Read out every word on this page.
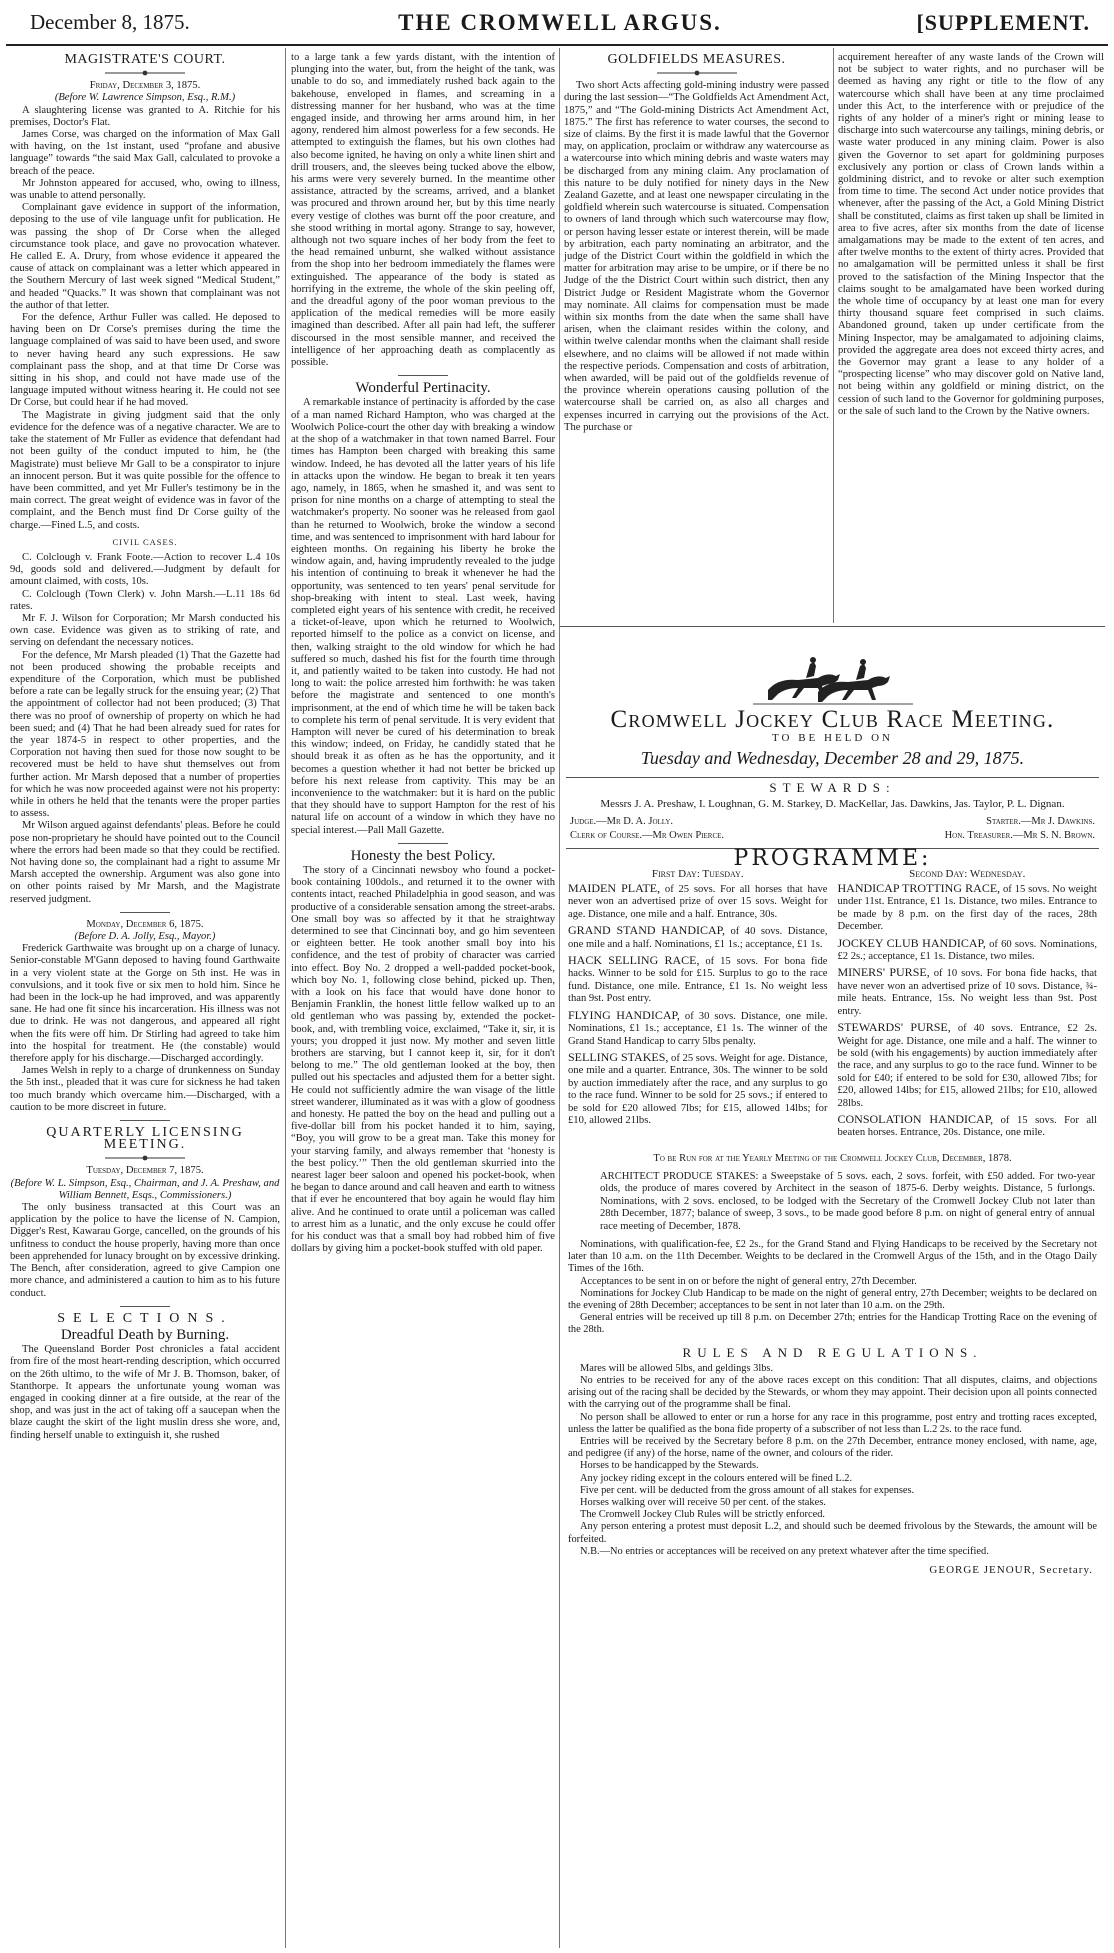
THE CROMWELL ARGUS.
December 8, 1875.	[SUPPLEMENT.
MAGISTRATE'S COURT.

Friday, December 3, 1875.

(Before W. Lawrence Simpson, Esq., R.M.)

A slaughtering license was granted to A. Ritchie for his premises, Doctor's Flat.

James Corse, was charged on the information of Max Gall with having, on the 1st instant, used “profane and abusive language” towards “the said Max Gall, calculated to provoke a breach of the peace.

Mr Johnston appeared for accused, who, owing to illness, was unable to attend personally.

Complainant gave evidence in support of the information, deposing to the use of vile language unfit for publication. He was passing the shop of Dr Corse when the alleged circumstance took place, and gave no provocation whatever. He called E. A. Drury, from whose evidence it appeared the cause of attack on complainant was a letter which appeared in the Southern Mercury of last week signed “Medical Student,” and headed “Quacks.” It was shown that complainant was not the author of that letter.

For the defence, Arthur Fuller was called. He deposed to having been on Dr Corse's premises during the time the language complained of was said to have been used, and swore to never having heard any such expressions. He saw complainant pass the shop, and at that time Dr Corse was sitting in his shop, and could not have made use of the language imputed without witness hearing it. He could not see Dr Corse, but could hear if he had moved.

The Magistrate in giving judgment said that the only evidence for the defence was of a negative character. We are to take the statement of Mr Fuller as evidence that defendant had not been guilty of the conduct imputed to him, he (the Magistrate) must believe Mr Gall to be a conspirator to injure an innocent person. But it was quite possible for the offence to have been committed, and yet Mr Fuller's testimony be in the main correct. The great weight of evidence was in favor of the complaint, and the Bench must find Dr Corse guilty of the charge.—Fined L.5, and costs.

CIVIL CASES.

C. Colclough v. Frank Foote.—Action to recover L.4 10s 9d, goods sold and delivered.—Judgment by default for amount claimed, with costs, 10s.

C. Colclough (Town Clerk) v. John Marsh.—L.11 18s 6d rates.

Mr F. J. Wilson for Corporation; Mr Marsh conducted his own case. Evidence was given as to striking of rate, and serving on defendant the necessary notices.

For the defence, Mr Marsh pleaded (1) That the Gazette had not been produced showing the probable receipts and expenditure of the Corporation, which must be published before a rate can be legally struck for the ensuing year; (2) That the appointment of collector had not been produced; (3) That there was no proof of ownership of property on which he had been sued; and (4) That he had been already sued for rates for the year 1874-5 in respect to other properties, and the Corporation not having then sued for those now sought to be recovered must be held to have shut themselves out from further action. Mr Marsh deposed that a number of properties for which he was now proceeded against were not his property: while in others he held that the tenants were the proper parties to assess.

Mr Wilson argued against defendants' pleas. Before he could pose non-proprietary he should have pointed out to the Council where the errors had been made so that they could be rectified. Not having done so, the complainant had a right to assume Mr Marsh accepted the ownership. Argument was also gone into on other points raised by Mr Marsh, and the Magistrate reserved judgment.

Monday, December 6, 1875.

(Before D. A. Jolly, Esq., Mayor.)

Frederick Garthwaite was brought up on a charge of lunacy. Senior-constable M'Gann deposed to having found Garthwaite in a very violent state at the Gorge on 5th inst. He was in convulsions, and it took five or six men to hold him. Since he had been in the lock-up he had improved, and was apparently sane. He had one fit since his incarceration. His illness was not due to drink. He was not dangerous, and appeared all right when the fits were off him. Dr Stirling had agreed to take him into the hospital for treatment. He (the constable) would therefore apply for his discharge.—Discharged accordingly.

James Welsh in reply to a charge of drunkenness on Sunday the 5th inst., pleaded that it was cure for sickness he had taken too much brandy which overcame him.—Discharged, with a caution to be more discreet in future.

QUARTERLY LICENSING MEETING.

Tuesday, December 7, 1875.

(Before W. L. Simpson, Esq., Chairman, and J. A. Preshaw, and William Bennett, Esqs., Commissioners.)

The only business transacted at this Court was an application by the police to have the license of N. Campion, Digger's Rest, Kawarau Gorge, cancelled, on the grounds of his unfitness to conduct the house properly, having more than once been apprehended for lunacy brought on by excessive drinking. The Bench, after consideration, agreed to give Campion one more chance, and administered a caution to him as to his future conduct.

SELECTIONS.
Dreadful Death by Burning.

The Queensland Border Post chronicles a fatal accident from fire of the most heart-rending description, which occurred on the 26th ultimo, to the wife of Mr J. B. Thomson, baker, of Stanthorpe. It appears the unfortunate young woman was engaged in cooking dinner at a fire outside, at the rear of the shop, and was just in the act of taking off a saucepan when the blaze caught the skirt of the light muslin dress she wore, and, finding herself unable to extinguish it, she rushed

to a large tank a few yards distant, with the intention of plunging into the water, but, from the height of the tank, was unable to do so, and immediately rushed back again to the bakehouse, enveloped in flames, and screaming in a distressing manner for her husband, who was at the time engaged inside, and throwing her arms around him, in her agony, rendered him almost powerless for a few seconds. He attempted to extinguish the flames, but his own clothes had also become ignited, he having on only a white linen shirt and drill trousers, and, the sleeves being tucked above the elbow, his arms were very severely burned. In the meantime other assistance, attracted by the screams, arrived, and a blanket was procured and thrown around her, but by this time nearly every vestige of clothes was burnt off the poor creature, and she stood writhing in mortal agony. Strange to say, however, although not two square inches of her body from the feet to the head remained unburnt, she walked without assistance from the shop into her bedroom immediately the flames were extinguished. The appearance of the body is stated as horrifying in the extreme, the whole of the skin peeling off, and the dreadful agony of the poor woman previous to the application of the medical remedies will be more easily imagined than described. After all pain had left, the sufferer discoursed in the most sensible manner, and received the intelligence of her approaching death as complacently as possible.

Wonderful Pertinacity.

A remarkable instance of pertinacity is afforded by the case of a man named Richard Hampton, who was charged at the Woolwich Police-court the other day with breaking a window at the shop of a watchmaker in that town named Barrel. Four times has Hampton been charged with breaking this same window. Indeed, he has devoted all the latter years of his life in attacks upon the window. He began to break it ten years ago, namely, in 1865, when he smashed it, and was sent to prison for nine months on a charge of attempting to steal the watchmaker's property. No sooner was he released from gaol than he returned to Woolwich, broke the window a second time, and was sentenced to imprisonment with hard labour for eighteen months. On regaining his liberty he broke the window again, and, having imprudently revealed to the judge his intention of continuing to break it whenever he had the opportunity, was sentenced to ten years' penal servitude for shop-breaking with intent to steal. Last week, having completed eight years of his sentence with credit, he received a ticket-of-leave, upon which he returned to Woolwich, reported himself to the police as a convict on license, and then, walking straight to the old window for which he had suffered so much, dashed his fist for the fourth time through it, and patiently waited to be taken into custody. He had not long to wait: the police arrested him forthwith: he was taken before the magistrate and sentenced to one month's imprisonment, at the end of which time he will be taken back to complete his term of penal servitude. It is very evident that Hampton will never be cured of his determination to break this window; indeed, on Friday, he candidly stated that he should break it as often as he has the opportunity, and it becomes a question whether it had not better be bricked up before his next release from captivity. This may be an inconvenience to the watchmaker: but it is hard on the public that they should have to support Hampton for the rest of his natural life on account of a window in which they have no special interest.—Pall Mall Gazette.

Honesty the best Policy.

The story of a Cincinnati newsboy who found a pocket-book containing 100dols., and returned it to the owner with contents intact, reached Philadelphia in good season, and was productive of a considerable sensation among the street-arabs. One small boy was so affected by it that he straightway determined to see that Cincinnati boy, and go him seventeen or eighteen better. He took another small boy into his confidence, and the test of probity of character was carried into effect. Boy No. 2 dropped a well-padded pocket-book, which boy No. 1, following close behind, picked up. Then, with a look on his face that would have done honor to Benjamin Franklin, the honest little fellow walked up to an old gentleman who was passing by, extended the pocket-book, and, with trembling voice, exclaimed, “Take it, sir, it is yours; you dropped it just now. My mother and seven little brothers are starving, but I cannot keep it, sir, for it don't belong to me.” The old gentleman looked at the boy, then pulled out his spectacles and adjusted them for a better sight. He could not sufficiently admire the wan visage of the little street wanderer, illuminated as it was with a glow of goodness and honesty. He patted the boy on the head and pulling out a five-dollar bill from his pocket handed it to him, saying, “Boy, you will grow to be a great man. Take this money for your starving family, and always remember that ‘honesty is the best policy.’” Then the old gentleman skurried into the nearest lager beer saloon and opened his pocket-book, when he began to dance around and call heaven and earth to witness that if ever he encountered that boy again he would flay him alive. And he continued to orate until a policeman was called to arrest him as a lunatic, and the only excuse he could offer for his conduct was that a small boy had robbed him of five dollars by giving him a pocket-book stuffed with old paper.

GOLDFIELDS MEASURES.

Two short Acts affecting gold-mining industry were passed during the last session—“The Goldfields Act Amendment Act, 1875,” and “The Gold-mining Districts Act Amendment Act, 1875.” The first has reference to water courses, the second to size of claims. By the first it is made lawful that the Governor may, on application, proclaim or withdraw any watercourse as a watercourse into which mining debris and waste waters may be discharged from any mining claim. Any proclamation of this nature to be duly notified for ninety days in the New Zealand Gazette, and at least one newspaper circulating in the goldfield wherein such watercourse is situated. Compensation to owners of land through which such watercourse may flow, or person having lesser estate or interest therein, will be made by arbitration, each party nominating an arbitrator, and the judge of the District Court within the goldfield in which the matter for arbitration may arise to be umpire, or if there be no Judge of the the District Court within such district, then any District Judge or Resident Magistrate whom the Governor may nominate. All claims for compensation must be made within six months from the date when the same shall have arisen, when the claimant resides within the colony, and within twelve calendar months when the claimant shall reside elsewhere, and no claims will be allowed if not made within the respective periods. Compensation and costs of arbitration, when awarded, will be paid out of the goldfields revenue of the province wherein operations causing pollution of the watercourse shall be carried on, as also all charges and expenses incurred in carrying out the provisions of the Act. The purchase or

acquirement hereafter of any waste lands of the Crown will not be subject to water rights, and no purchaser will be deemed as having any right or title to the flow of any watercourse which shall have been at any time proclaimed under this Act, to the interference with or prejudice of the rights of any holder of a miner's right or mining lease to discharge into such watercourse any tailings, mining debris, or waste water produced in any mining claim. Power is also given the Governor to set apart for goldmining purposes exclusively any portion or class of Crown lands within a goldmining district, and to revoke or alter such exemption from time to time. The second Act under notice provides that whenever, after the passing of the Act, a Gold Mining District shall be constituted, claims as first taken up shall be limited in area to five acres, after six months from the date of license amalgamations may be made to the extent of ten acres, and after twelve months to the extent of thirty acres. Provided that no amalgamation will be permitted unless it shall be first proved to the satisfaction of the Mining Inspector that the claims sought to be amalgamated have been worked during the whole time of occupancy by at least one man for every thirty thousand square feet comprised in such claims. Abandoned ground, taken up under certificate from the Mining Inspector, may be amalgamated to adjoining claims, provided the aggregate area does not exceed thirty acres, and the Governor may grant a lease to any holder of a “prospecting license” who may discover gold on Native land, not being within any goldfield or mining district, on the cession of such land to the Governor for goldmining purposes, or the sale of such land to the Crown by the Native owners.

Cromwell Jockey Club Race Meeting.
TO BE HELD ON
Tuesday and Wednesday, December 28 and 29, 1875.
STEWARDS:
Messrs J. A. Preshaw, I. Loughnan, G. M. Starkey, D. MacKellar, Jas. Dawkins, Jas. Taylor, P. L. Dignan.
Judge.—Mr D. A. Jolly.	Starter.—Mr J. Dawkins.
Clerk of Course.—Mr Owen Pierce.	Hon. Treasurer.—Mr S. N. Brown.
PROGRAMME:
First Day: Tuesday.
MAIDEN PLATE, of 25 sovs. For all horses that have never won an advertised prize of over 15 sovs. Weight for age. Distance, one mile and a half. Entrance, 30s.
GRAND STAND HANDICAP, of 40 sovs. Distance, one mile and a half. Nominations, £1 1s.; acceptance, £1 1s.
HACK SELLING RACE, of 15 sovs. For bona fide hacks. Winner to be sold for £15. Surplus to go to the race fund. Distance, one mile. Entrance, £1 1s. No weight less than 9st. Post entry.
FLYING HANDICAP, of 30 sovs. Distance, one mile. Nominations, £1 1s.; acceptance, £1 1s. The winner of the Grand Stand Handicap to carry 5lbs penalty.
SELLING STAKES, of 25 sovs. Weight for age. Distance, one mile and a quarter. Entrance, 30s. The winner to be sold by auction immediately after the race, and any surplus to go to the race fund. Winner to be sold for 25 sovs.; if entered to be sold for £20 allowed 7lbs; for £15, allowed 14lbs; for £10, allowed 21lbs.
Second Day: Wednesday.
HANDICAP TROTTING RACE, of 15 sovs. No weight under 11st. Entrance, £1 1s. Distance, two miles. Entrance to be made by 8 p.m. on the first day of the races, 28th December.
JOCKEY CLUB HANDICAP, of 60 sovs. Nominations, £2 2s.; acceptance, £1 1s. Distance, two miles.
MINERS' PURSE, of 10 sovs. For bona fide hacks, that have never won an advertised prize of 10 sovs. Distance, ¾-mile heats. Entrance, 15s. No weight less than 9st. Post entry.
STEWARDS' PURSE, of 40 sovs. Entrance, £2 2s. Weight for age. Distance, one mile and a half. The winner to be sold (with his engagements) by auction immediately after the race, and any surplus to go to the race fund. Winner to be sold for £40; if entered to be sold for £30, allowed 7lbs; for £20, allowed 14lbs; for £15, allowed 21lbs; for £10, allowed 28lbs.
CONSOLATION HANDICAP, of 15 sovs. For all beaten horses. Entrance, 20s. Distance, one mile.
To be Run for at the Yearly Meeting of the Cromwell Jockey Club, December, 1878.
ARCHITECT PRODUCE STAKES: a Sweepstake of 5 sovs. each, 2 sovs. forfeit, with £50 added. For two-year olds, the produce of mares covered by Architect in the season of 1875-6. Derby weights. Distance, 5 furlongs. Nominations, with 2 sovs. enclosed, to be lodged with the Secretary of the Cromwell Jockey Club not later than 28th December, 1877; balance of sweep, 3 sovs., to be made good before 8 p.m. on night of general entry of annual race meeting of December, 1878.

Nominations, with qualification-fee, £2 2s., for the Grand Stand and Flying Handicaps to be received by the Secretary not later than 10 a.m. on the 11th December. Weights to be declared in the Cromwell Argus of the 15th, and in the Otago Daily Times of the 16th.

Acceptances to be sent in on or before the night of general entry, 27th December.

Nominations for Jockey Club Handicap to be made on the night of general entry, 27th December; weights to be declared on the evening of 28th December; acceptances to be sent in not later than 10 a.m. on the 29th.

General entries will be received up till 8 p.m. on December 27th; entries for the Handicap Trotting Race on the evening of the 28th.

RULES AND REGULATIONS.

Mares will be allowed 5lbs, and geldings 3lbs.

No entries to be received for any of the above races except on this condition: That all disputes, claims, and objections arising out of the racing shall be decided by the Stewards, or whom they may appoint. Their decision upon all points connected with the carrying out of the programme shall be final.

No person shall be allowed to enter or run a horse for any race in this programme, post entry and trotting races excepted, unless the latter be qualified as the bona fide property of a subscriber of not less than L.2 2s. to the race fund.

Entries will be received by the Secretary before 8 p.m. on the 27th December, entrance money enclosed, with name, age, and pedigree (if any) of the horse, name of the owner, and colours of the rider.

Horses to be handicapped by the Stewards.

Any jockey riding except in the colours entered will be fined L.2.

Five per cent. will be deducted from the gross amount of all stakes for expenses.

Horses walking over will receive 50 per cent. of the stakes.

The Cromwell Jockey Club Rules will be strictly enforced.

Any person entering a protest must deposit L.2, and should such be deemed frivolous by the Stewards, the amount will be forfeited.

N.B.—No entries or acceptances will be received on any pretext whatever after the time specified.

GEORGE JENOUR, Secretary.
